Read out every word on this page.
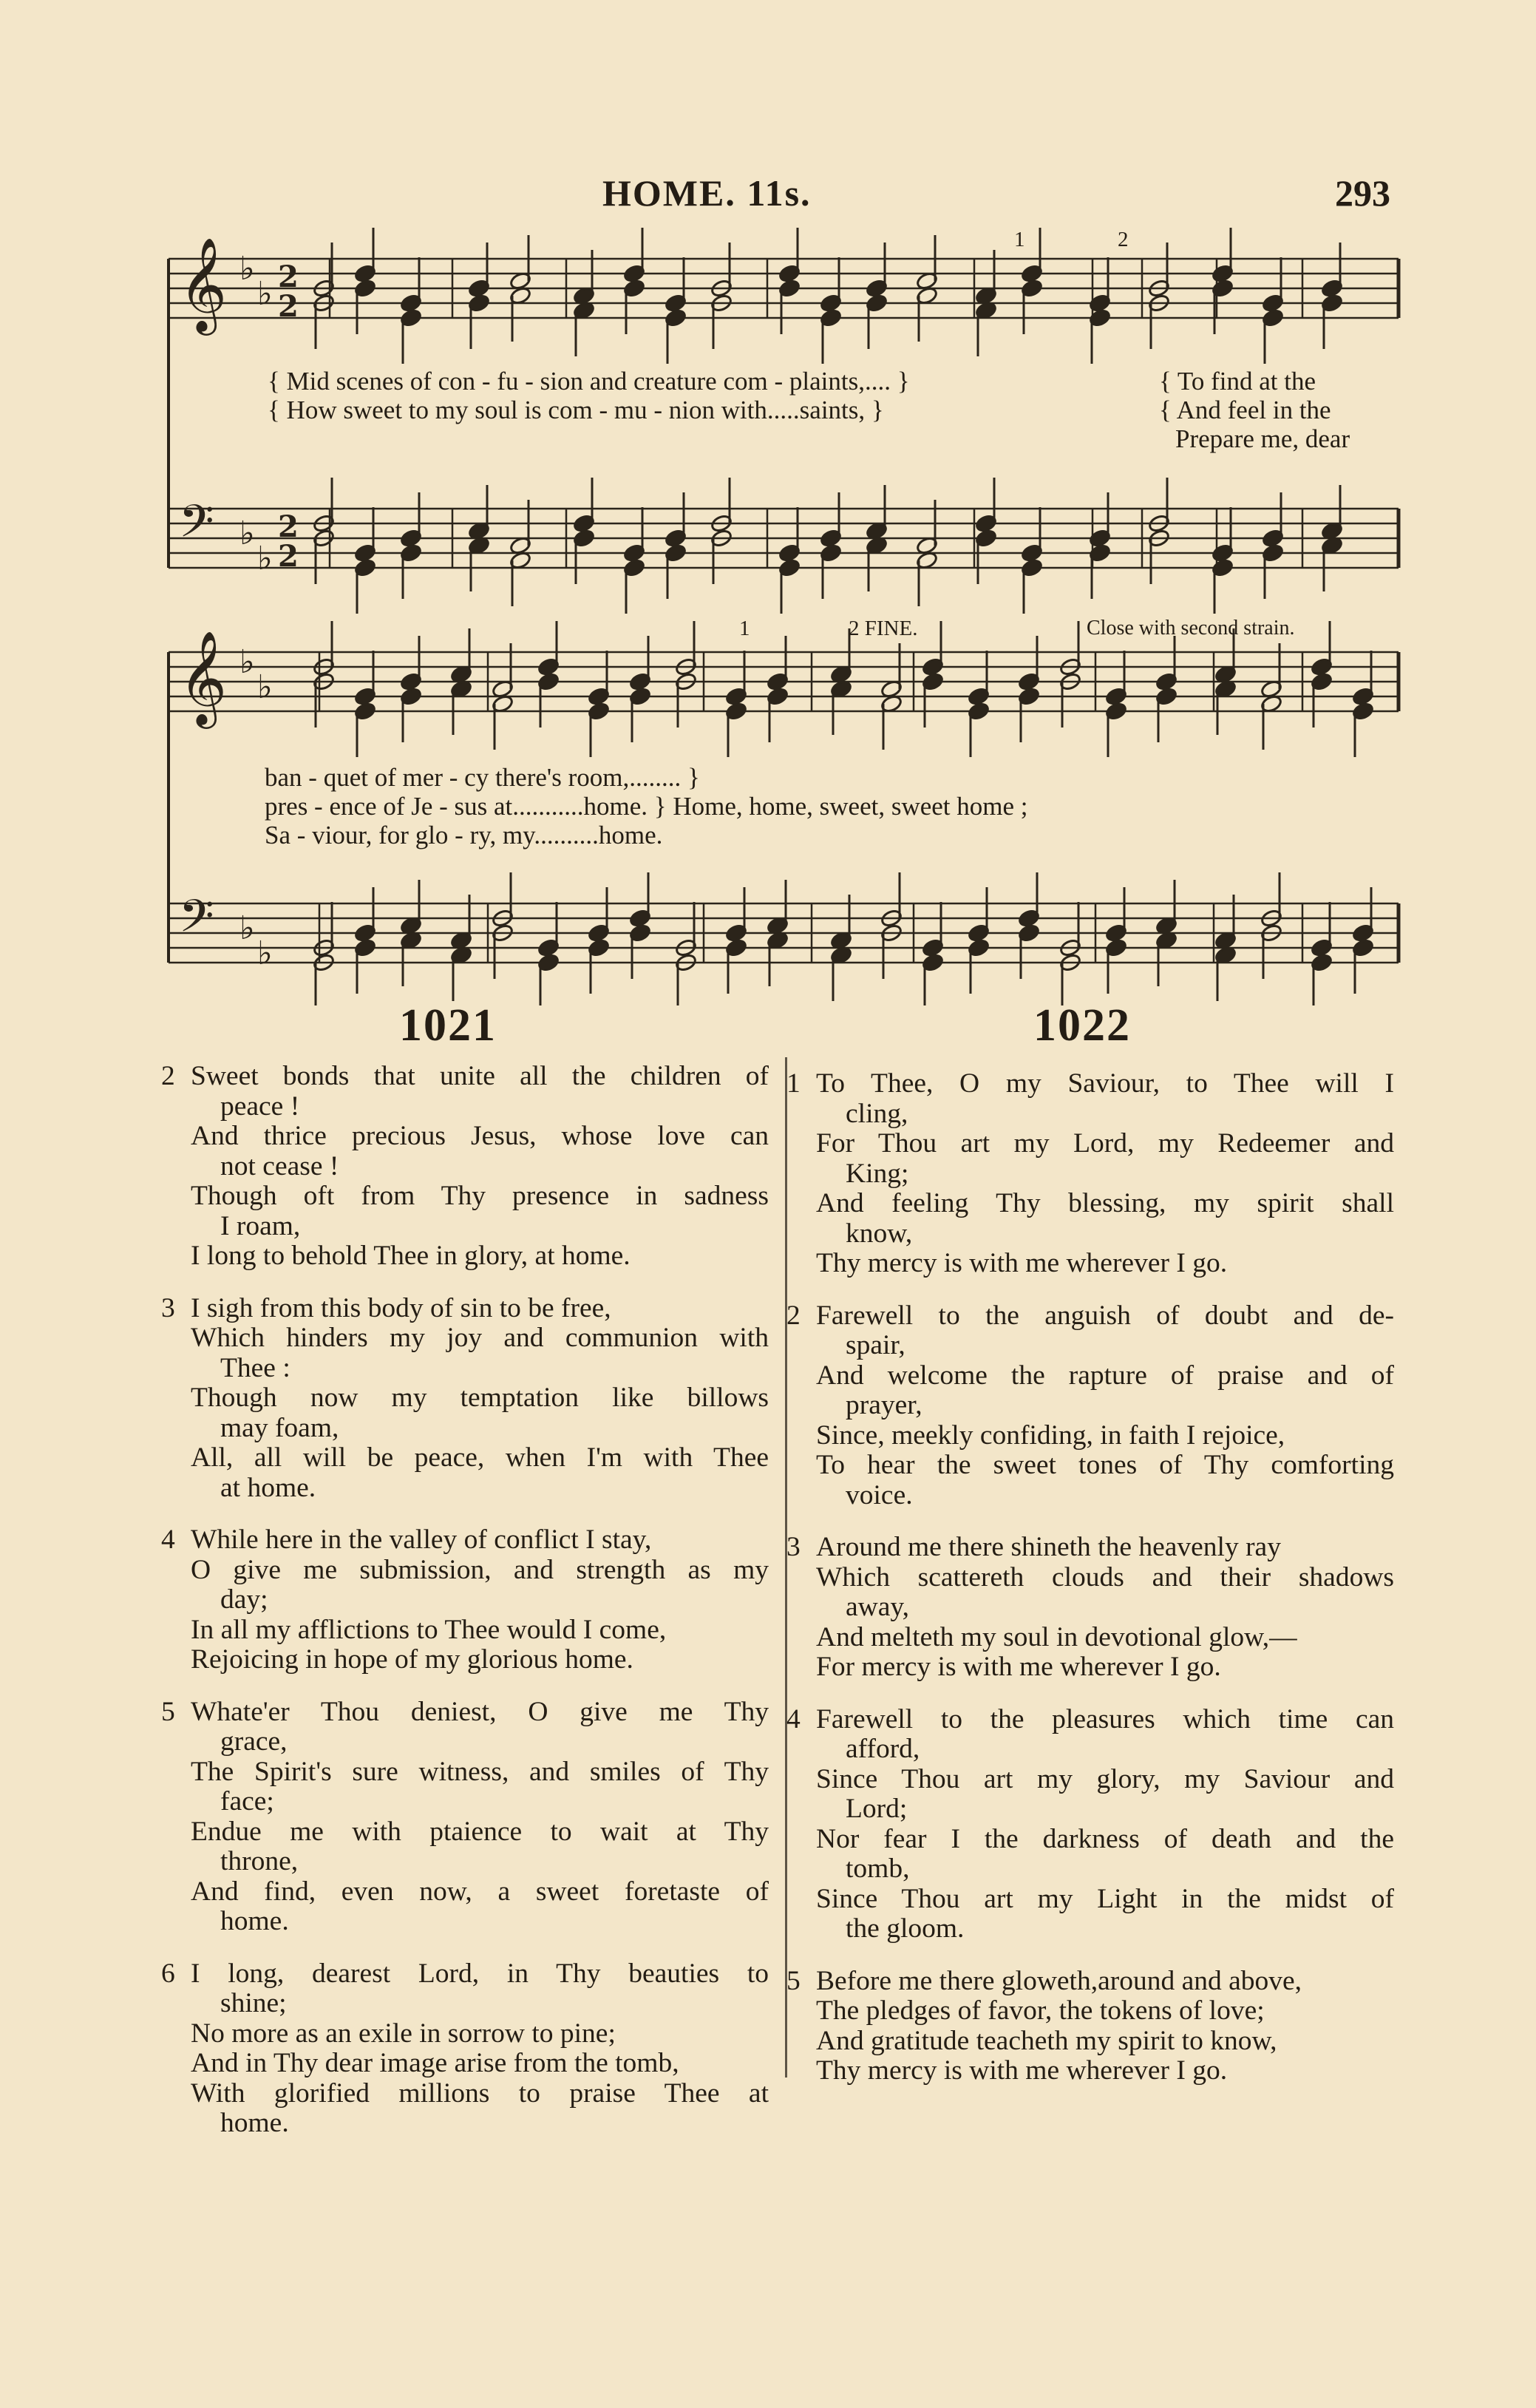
HOME. 11s.	293
𝄞 ♭
♭ 2
2
𝄢 ♭
♭
2
2
𝄞 ♭
♭
𝄢 ♭
♭
1	2
{ Mid scenes of con - fu - sion and creature com - plaints,.... }
{ How sweet to my soul is com - mu - nion with.....saints, }
{ To find at the
{ And feel in the
Prepare me, dear
1	2 FINE.	Close with second strain.
ban - quet of mer - cy there's room,........ }
pres - ence of Je - sus at...........home. } Home, home, sweet, sweet home ;
Sa - viour, for glo - ry, my..........home.
1021	1022
2 Sweet bonds that unite all the children of
peace !
And thrice precious Jesus, whose love can
not cease !
Though oft from Thy presence in sadness
I roam,
I long to behold Thee in glory, at home.
3 I sigh from this body of sin to be free,
Which hinders my joy and communion with
Thee :
Though now my temptation like billows
may foam,
All, all will be peace, when I'm with Thee
at home.
4 While here in the valley of conflict I stay,
O give me submission, and strength as my
day;
In all my afflictions to Thee would I come,
Rejoicing in hope of my glorious home.
5 Whate'er Thou deniest, O give me Thy
grace,
The Spirit's sure witness, and smiles of Thy
face;
Endue me with ptaience to wait at Thy
throne,
And find, even now, a sweet foretaste of
home.
6 I long, dearest Lord, in Thy beauties to
shine;
No more as an exile in sorrow to pine;
And in Thy dear image arise from the tomb,
With glorified millions to praise Thee at
home.
1 To Thee, O my Saviour, to Thee will I
cling,
For Thou art my Lord, my Redeemer and
King;
And feeling Thy blessing, my spirit shall
know,
Thy mercy is with me wherever I go.
2 Farewell to the anguish of doubt and de-
spair,
And welcome the rapture of praise and of
prayer,
Since, meekly confiding, in faith I rejoice,
To hear the sweet tones of Thy comforting
voice.
3 Around me there shineth the heavenly ray
Which scattereth clouds and their shadows
away,
And melteth my soul in devotional glow,—
For mercy is with me wherever I go.
4 Farewell to the pleasures which time can
afford,
Since Thou art my glory, my Saviour and
Lord;
Nor fear I the darkness of death and the
tomb,
Since Thou art my Light in the midst of
the gloom.
5 Before me there gloweth,around and above,
The pledges of favor, the tokens of love;
And gratitude teacheth my spirit to know,
Thy mercy is with me wherever I go.
